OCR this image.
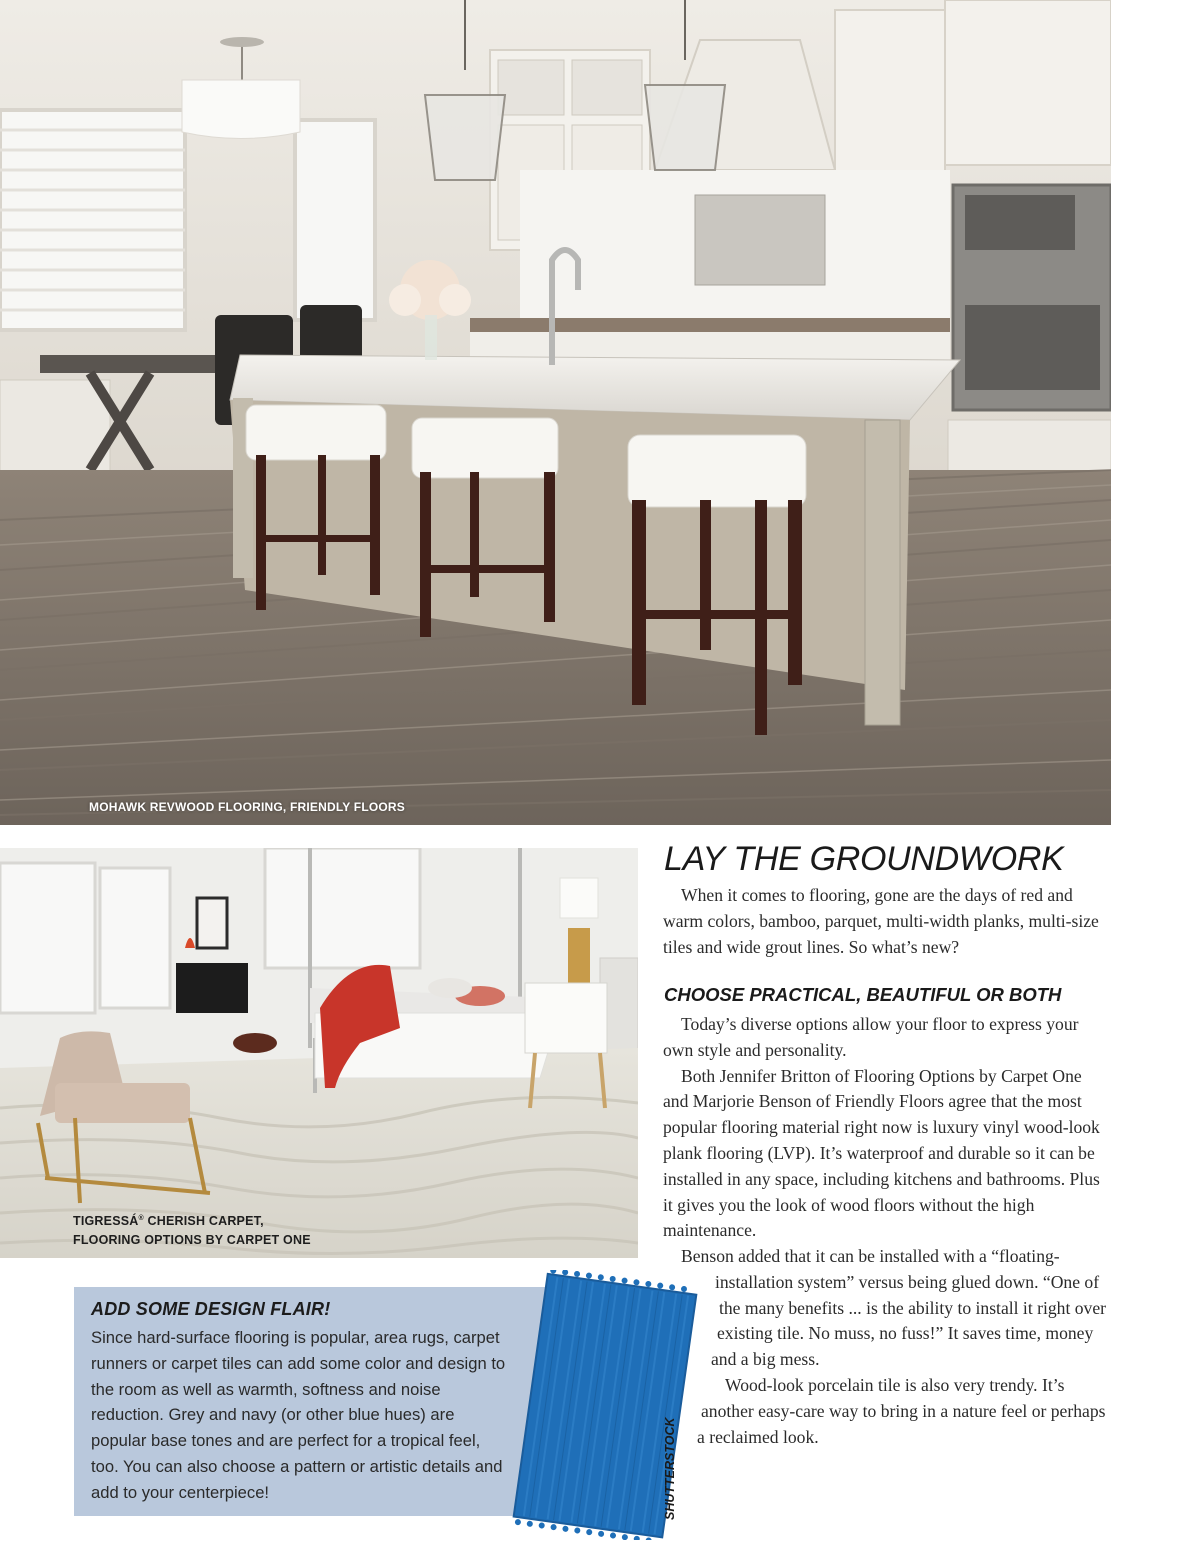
MOHAWK REVWOOD FLOORING, FRIENDLY FLOORS

TIGRESSÁ® CHERISH CARPET,
FLOORING OPTIONS BY CARPET ONE

ADD SOME DESIGN FLAIR!

Since hard-surface flooring is popular, area rugs, carpet runners or carpet tiles can add some color and design to the room as well as warmth, softness and noise reduction. Grey and navy (or other blue hues) are popular base tones and are perfect for a tropical feel, too. You can also choose a pattern or artistic details and add to your centerpiece!	SHUTTERSTOCK
LAY THE GROUNDWORK

When it comes to flooring, gone are the days of red and warm colors, bamboo, parquet, multi-width planks, multi-size tiles and wide grout lines. So what’s new?

CHOOSE PRACTICAL, BEAUTIFUL OR BOTH

Today’s diverse options allow your floor to express your own style and personality.

Both Jennifer Britton of Flooring Options by Carpet One and Marjorie Benson of Friendly Floors agree that the most popular flooring material right now is luxury vinyl wood-look plank flooring (LVP). It’s waterproof and durable so it can be installed in any space, including kitchens and bathrooms. Plus it gives you the look of wood floors without the high maintenance.

Benson added that it can be installed with a “floating-
installation system” versus being glued down. “One of
the many benefits ... is the ability to install it right over
existing tile. No muss, no fuss!” It saves time, money
and a big mess.
Wood-look porcelain tile is also very trendy. It’s
another easy-care way to bring in a nature feel or perhaps
a reclaimed look.
